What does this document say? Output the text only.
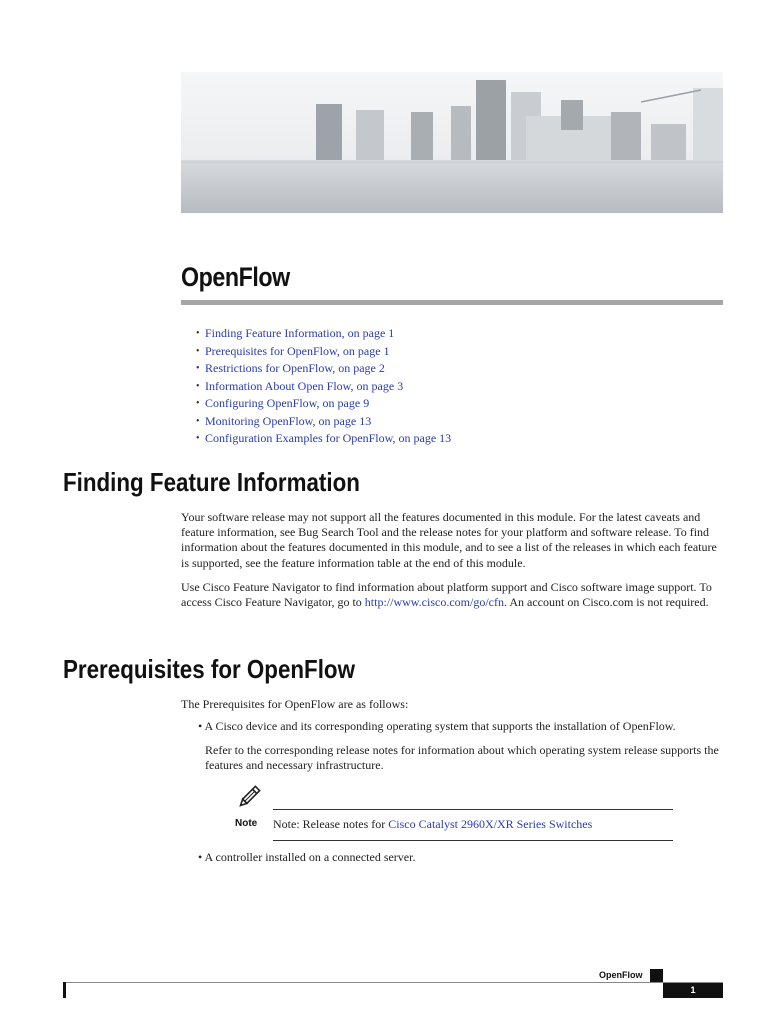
OpenFlow
• Finding Feature Information, on page 1
• Prerequisites for OpenFlow, on page 1
• Restrictions for OpenFlow, on page 2
• Information About Open Flow, on page 3
• Configuring OpenFlow, on page 9
• Monitoring OpenFlow, on page 13
• Configuration Examples for OpenFlow, on page 13
Finding Feature Information

Your software release may not support all the features documented in this module. For the latest caveats and feature information, see Bug Search Tool and the release notes for your platform and software release. To find information about the features documented in this module, and to see a list of the releases in which each feature is supported, see the feature information table at the end of this module.

Use Cisco Feature Navigator to find information about platform support and Cisco software image support. To access Cisco Feature Navigator, go to http://www.cisco.com/go/cfn. An account on Cisco.com is not required.

Prerequisites for OpenFlow

The Prerequisites for OpenFlow are as follows:

• A Cisco device and its corresponding operating system that supports the installation of OpenFlow.

Refer to the corresponding release notes for information about which operating system release supports the features and necessary infrastructure.

Note Note: Release notes for Cisco Catalyst 2960X/XR Series Switches

• A controller installed on a connected server.

OpenFlow

1
